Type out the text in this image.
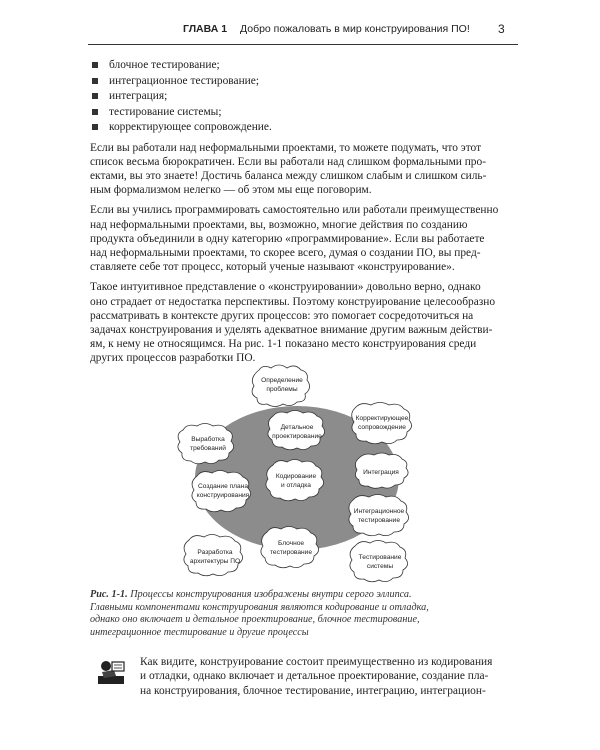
ГЛАВА 1 Добро пожаловать в мир конструирования ПО! 3
блочное тестирование;
интеграционное тестирование;
интеграция;
тестирование системы;
корректирующее сопровождение.

Если вы работали над неформальными проектами, то можете подумать, что этот
список весьма бюрократичен. Если вы работали над слишком формальными про-
ектами, вы это знаете! Достичь баланса между слишком слабым и слишком силь-
ным формализмом нелегко — об этом мы еще поговорим.

Если вы учились программировать самостоятельно или работали преимущественно
над неформальными проектами, вы, возможно, многие действия по созданию
продукта объединили в одну категорию «программирование». Если вы работаете
над неформальными проектами, то скорее всего, думая о создании ПО, вы пред-
ставляете себе тот процесс, который ученые называют «конструирование».

Такое интуитивное представление о «конструировании» довольно верно, однако
оно страдает от недостатка перспективы. Поэтому конструирование целесообразно
рассматривать в контексте других процессов: это помогает сосредоточиться на
задачах конструирования и уделять адекватное внимание другим важным действи-
ям, к нему не относящимся. На рис. 1-1 показано место конструирования среди
других процессов разработки ПО.

Определение
проблемы
Выработка
требований
Детальное
проектирование
Корректирующее
сопровождение
Создание плана
конструирования
Кодирование
и отладка
Интеграция
Интеграционное
тестирование
Разработка
архитектуры ПО
Блочное
тестирование
Тестирование
системы
Рис. 1-1. Процессы конструирования изображены внутри серого эллипса.
Главными компонентами конструирования являются кодирование и отладка,
однако оно включает и детальное проектирование, блочное тестирование,
интеграционное тестирование и другие процессы
Как видите, конструирование состоит преимущественно из кодирования
и отладки, однако включает и детальное проектирование, создание пла-
на конструирования, блочное тестирование, интеграцию, интеграцион-
